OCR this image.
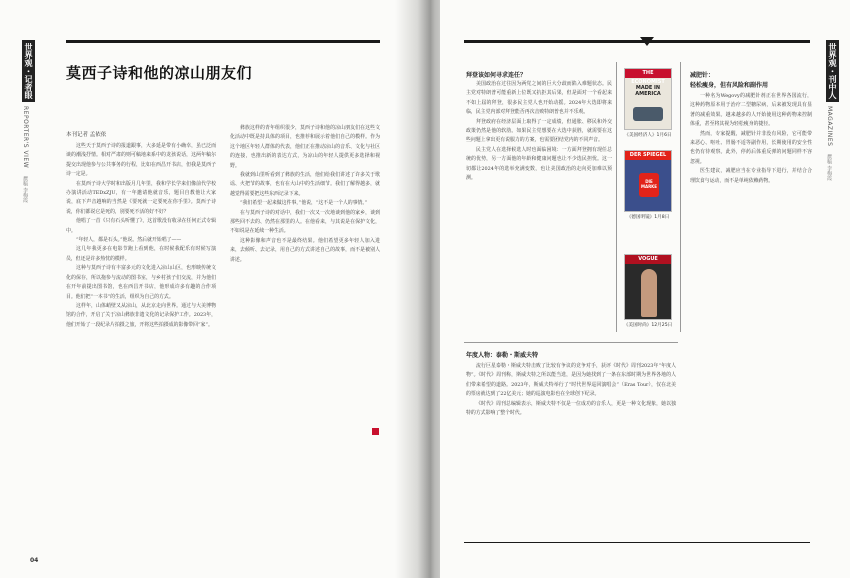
世界观・记者眼
REPORTER'S VIEW
撰稿 李梅霞
莫西子诗和他的凉山朋友们
本刊记者 孟依依

这些天于莫西子诗的报道跟事，大多延是带有小确幸，虽已泛而谈的潮浅抒情。相对严肃的则可稿地来系中的龙孩说话，这两年稿尔提交出现他参与公共事务的行程，比如在西昌开书店，但我是莫西子诗一定是。

在莫西子诗大学时和出版月几年里，我和学长学来们像前代学校办演讲活动TEDxZJU，有一年邀请他就音乐，题目自教他让大家说，底下声音越响的当然是《要死就一定要死在你手里》。莫西子诗说，你们都说它是死的，别要死不活的好不好？

他唱了一首《只有石头听懂了》，这首歌没有收录在任何正式专辑中。

“年轻人，都是石头。”他说。然后就开始唱了——

这几年我更多在电影节跑上看到他，在时候我配乐有时候写演员，但还是许多热忱的模样。

这种与莫西子诗有丰富多元的文化进入凉山山区，也形映传统文化的保存，所以拖参与流动的图书室，与乡村孩子们交流，并为他们在开年前提出图书馆，也在西昌开书店，他形成许多有趣的合作项目。他们把“一本书”的生活，组织为自己的方式。

这样年，山体峭壁又从凉山，从北京走向世界。通过与大美博物馆的合作，开启了关于凉山彝族非遗文化的记录保护工作。2023年，他们开始了一段纪录片拍摄之旅，开将这些拍摄成的影像带回“家”。

彝族这样的青年组织很少，莫西子诗和他的凉山朋友们在这些文化活动中既是持具体的项目，也推荐和展示着他们自己的模样。作为这个地区年轻人群体的代表，他们正在推动凉山的音乐、文化与社区的连接，也推出新的表达方式，为凉山的年轻人提供更多选择和视野。

我就到山里听看到了彝族的生活，他们给我们讲述了许多关于歌谣、火把节的故事，也有在大山中的生活细节。我们了解得越多，就越觉得需要把这些东西记录下来。

“我们希望一起来做这件事，”他说，“这不是一个人的事情。”

在与莫西子诗的对话中，我们一次又一次地谈到他的家乡，谈到那些回不去的、仍然在那里的人。在他看来，与其说是在保护文化，不如说是在延续一种生活。

这种影像和声音也不是最终结果。他们希望更多年轻人加入进来，去倾听、去记录，用自己的方式讲述自己的故事，而不是被别人讲述。

04
世界观・刊中人
MAGAZINES
撰稿 李梅霞
拜登该如何寻求连任？

美国政治在过往因为两党之间的巨大分歧而陷入难题状态。民主党对特朗普可能重新上位既又抗拒其后果，但是面对一个看起来不如上届的拜登，很多民主党人也开始动摇。2024年大选即将来临，民主党内部对拜登能否再次击败特朗普也并不乐观。

拜登政府在经济层面上取得了一定成绩，但通胀、移民和外交政策仍然是他的软肋。如果民主党想要在大选中获胜，就需要在这些问题上拿出更有说服力的方案，也需要团结党内的不同声音。

民主党人在选择候选人时也面临困境：一方面拜登拥有现任总统的优势，另一方面他的年龄和健康问题也让不少选民担忧。这一切都让2024年的选举充满变数，也让美国政治的走向更加难以预测。

THE ECONOMIST
MADE IN AMERICA
《美国经济人》1月6日
DER SPIEGEL
DIE MARKE
《德国明镜》1月8日
VOGUE
《美国时尚》12月25日
减肥针：
轻松瘦身，但有风险和副作用

一种名为Wegovy的减肥针剂正在世界各国流行，这种药物原本用于治疗二型糖尿病，后来被发现具有显著的减重效果。越来越多的人开始使用这种药物来控制体重，甚至将其视为轻松瘦身的捷径。

然而，专家提醒，减肥针并非没有风险，它可能带来恶心、呕吐、胃肠不适等副作用，长期使用的安全性也仍有待观察。此外，停药后体重反弹的问题同样不容忽视。

医生建议，减肥应当在专业指导下进行，并结合合理饮食与运动，而不是单纯依赖药物。

年度人物：泰勒・斯威夫特

流行巨星泰勒・斯威夫特击败了比较有争议的竞争对手，获评《时代》周刊2023年“年度人物”。《时代》周刊称，斯威夫特之所以能当选，是因为她找到了一条在东部时期为世界各地的人们带来希望的道路。2023年，斯威夫特举行了“时代世界巡回演唱会”（Eras Tour），仅在北美的票房就达到了22亿美元；她的巡演电影也在全球创下纪录。

《时代》周刊总编辑表示，斯威夫特不仅是一位成功的音乐人，更是一种文化现象，她以独特的方式影响了整个时代。
